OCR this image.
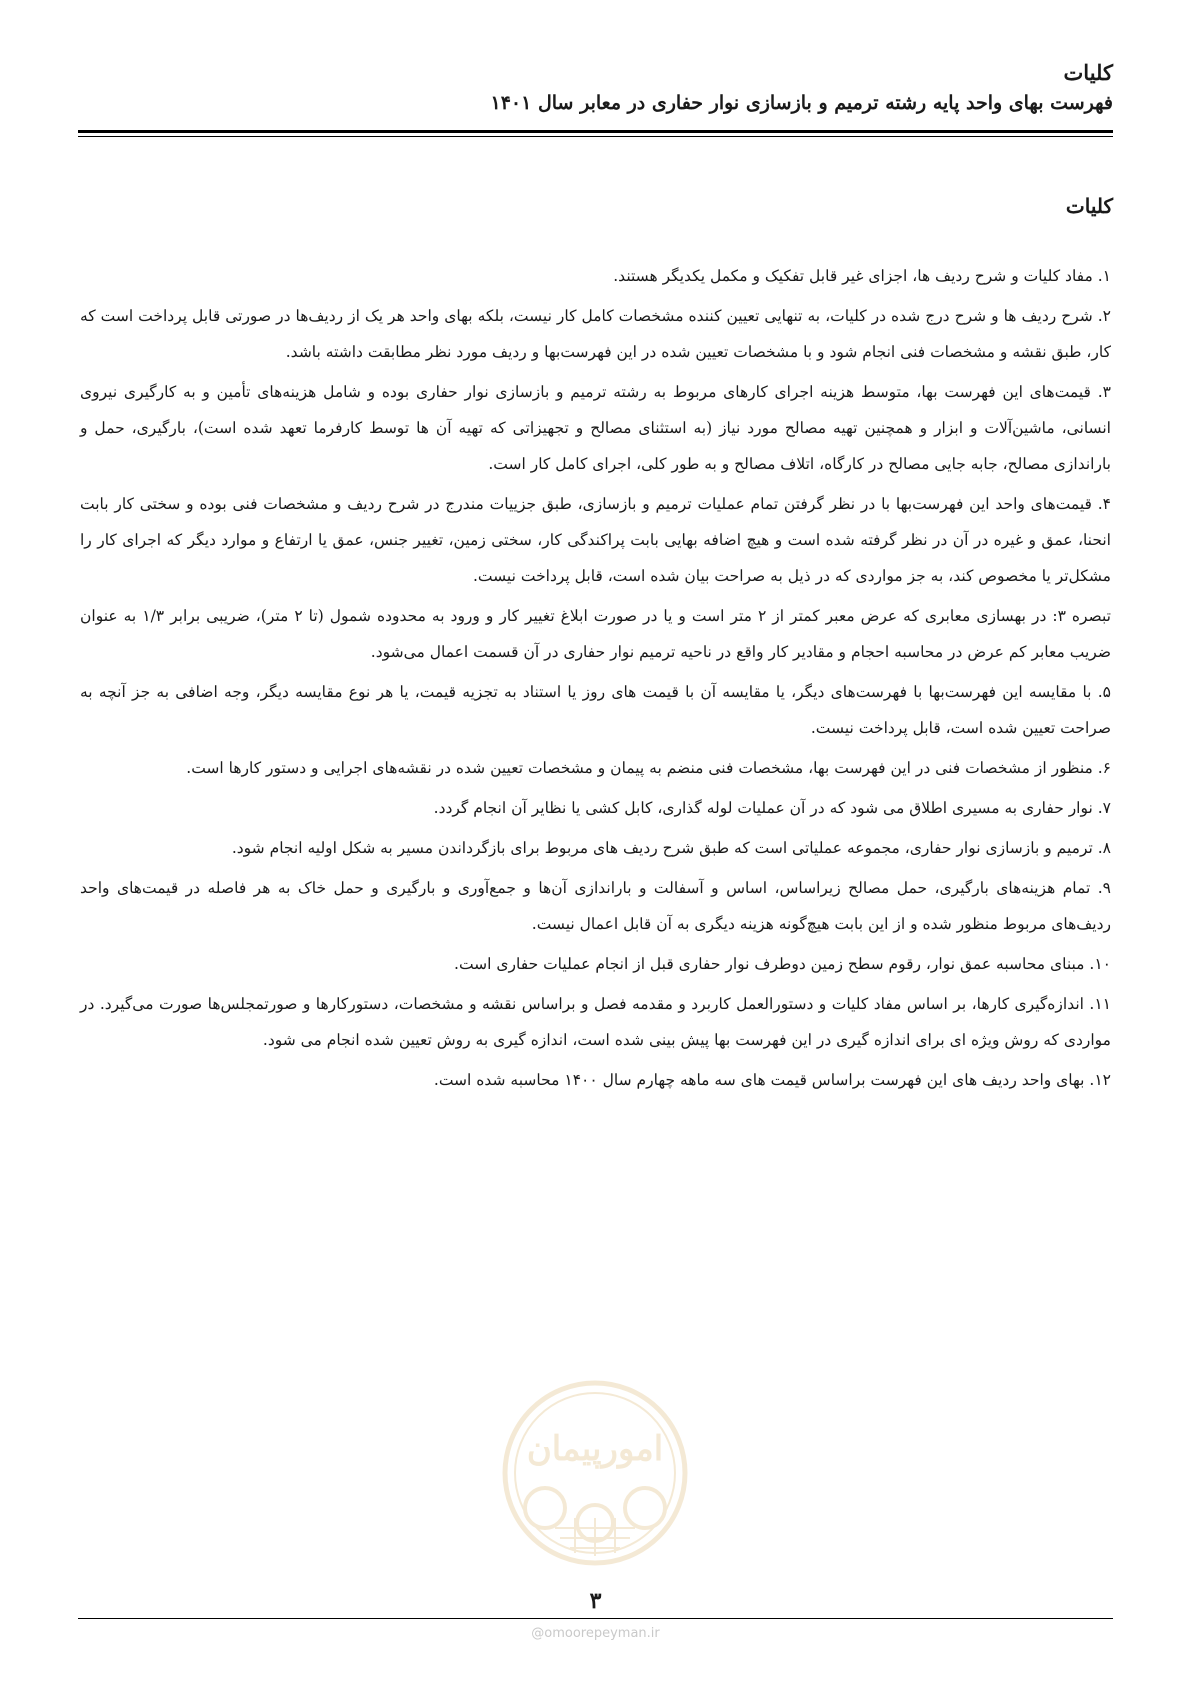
کلیات
فهرست بهای واحد پایه رشته ترمیم و بازسازی نوار حفاری در معابر سال ۱۴۰۱
کلیات

۱. مفاد کلیات و شرح ردیف ها، اجزای غیر قابل تفکیک و مکمل یکدیگر هستند.

۲. شرح ردیف ها و شرح درج شده در کلیات، به تنهایی تعیین کننده مشخصات کامل کار نیست، بلکه بهای واحد هر یک از ردیف‌ها در صورتی قابل پرداخت است که کار، طبق نقشه و مشخصات فنی انجام شود و با مشخصات تعیین شده در این فهرست‌بها و ردیف مورد نظر مطابقت داشته باشد.

۳. قیمت‌های این فهرست بها، متوسط هزینه اجرای کارهای مربوط به رشته ترمیم و بازسازی نوار حفاری بوده و شامل هزینه‌های تأمین و به کارگیری نیروی انسانی، ماشین‌آلات و ابزار و همچنین تهیه مصالح مورد نیاز (به استثنای مصالح و تجهیزاتی که تهیه آن ها توسط کارفرما تعهد شده است)، بارگیری، حمل و باراندازی مصالح، جابه جایی مصالح در کارگاه، اتلاف مصالح و به طور کلی، اجرای کامل کار است.

۴. قیمت‌های واحد این فهرست‌بها با در نظر گرفتن تمام عملیات ترمیم و بازسازی، طبق جزییات مندرج در شرح ردیف و مشخصات فنی بوده و سختی کار بابت انحنا، عمق و غیره در آن در نظر گرفته شده است و هیچ اضافه بهایی بابت پراکندگی کار، سختی زمین، تغییر جنس، عمق یا ارتفاع و موارد دیگر که اجرای کار را مشکل‌تر یا مخصوص کند، به جز مواردی که در ذیل به صراحت بیان شده است، قابل پرداخت نیست.

تبصره ۳: در بهسازی معابری که عرض معبر کمتر از ۲ متر است و یا در صورت ابلاغ تغییر کار و ورود به محدوده شمول (تا ۲ متر)، ضریبی برابر ۱/۳ به عنوان ضریب معابر کم عرض در محاسبه احجام و مقادیر کار واقع در ناحیه ترمیم نوار حفاری در آن قسمت اعمال می‌شود.

۵. با مقایسه این فهرست‌بها با فهرست‌های دیگر، یا مقایسه آن با قیمت های روز یا استناد به تجزیه قیمت، یا هر نوع مقایسه دیگر، وجه اضافی به جز آنچه به صراحت تعیین شده است، قابل پرداخت نیست.

۶. منظور از مشخصات فنی در این فهرست بها، مشخصات فنی منضم به پیمان و مشخصات تعیین شده در نقشه‌های اجرایی و دستور کارها است.

۷. نوار حفاری به مسیری اطلاق می شود که در آن عملیات لوله گذاری، کابل کشی یا نظایر آن انجام گردد.

۸. ترمیم و بازسازی نوار حفاری، مجموعه عملیاتی است که طبق شرح ردیف های مربوط برای بازگرداندن مسیر به شکل اولیه انجام شود.

۹. تمام هزینه‌های بارگیری، حمل مصالح زیراساس، اساس و آسفالت و باراندازی آن‌ها و جمع‌آوری و بارگیری و حمل خاک به هر فاصله در قیمت‌های واحد ردیف‌های مربوط منظور شده و از این بابت هیچ‌گونه هزینه دیگری به آن قابل اعمال نیست.

۱۰. مبنای محاسبه عمق نوار، رقوم سطح زمین دوطرف نوار حفاری قبل از انجام عملیات حفاری است.

۱۱. اندازه‌گیری کارها، بر اساس مفاد کلیات و دستورالعمل کاربرد و مقدمه فصل و براساس نقشه و مشخصات، دستورکارها و صورتمجلس‌ها صورت می‌گیرد. در مواردی که روش ویژه ای برای اندازه گیری در این فهرست بها پیش بینی شده است، اندازه گیری به روش تعیین شده انجام می شود.

۱۲. بهای واحد ردیف های این فهرست براساس قیمت های سه ماهه چهارم سال ۱۴۰۰ محاسبه شده است.

امورپیمان
۳
@omoorepeyman.ir
